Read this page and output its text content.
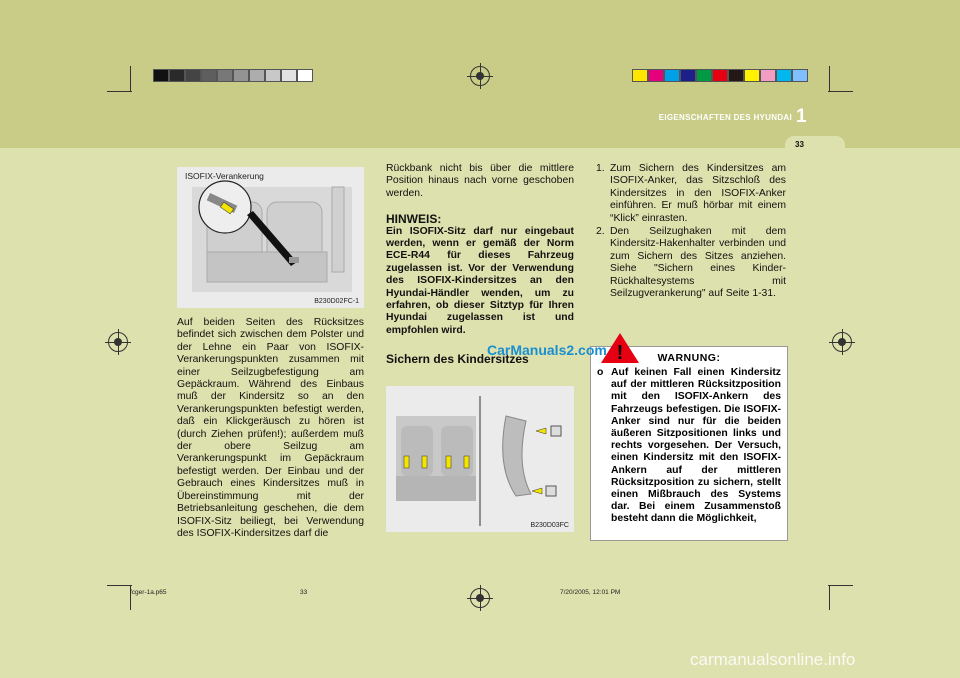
EIGENSCHAFTEN DES HYUNDAI 1
33
ISOFIX-Verankerung
B230D02FC-1
Auf beiden Seiten des Rücksitzes befindet sich zwischen dem Polster und der Lehne ein Paar von ISOFIX-Verankerungspunkten zusammen mit einer Seilzugbefestigung am Gepäckraum. Während des Einbaus muß der Kindersitz so an den Verankerungspunkten befestigt werden, daß ein Klickgeräusch zu hören ist (durch Ziehen prüfen!); außerdem muß der obere Seilzug am Verankerungspunkt im Gepäckraum befestigt werden. Der Einbau und der Gebrauch eines Kindersitzes muß in Übereinstimmung mit der Betriebsanleitung geschehen, die dem ISOFIX-Sitz beiliegt, bei Verwendung des ISOFIX-Kindersitzes darf die
Rückbank nicht bis über die mittlere Position hinaus nach vorne geschoben werden.
HINWEIS:
Ein ISOFIX-Sitz darf nur eingebaut werden, wenn er gemäß der Norm ECE-R44 für dieses Fahrzeug zugelassen ist. Vor der Verwendung des ISOFIX-Kindersitzes an den Hyundai-Händler wenden, um zu erfahren, ob dieser Sitztyp für Ihren Hyundai zugelassen ist und empfohlen wird.
Sichern des Kindersitzes
B230D03FC
1. Zum Sichern des Kindersitzes am ISOFIX-Anker, das Sitzschloß des Kindersitzes in den ISOFIX-Anker einführen. Er muß hörbar mit einem “Klick” einrasten.
2. Den Seilzughaken mit dem Kindersitz-Hakenhalter verbinden und zum Sichern des Sitzes anziehen. Siehe "Sichern eines Kinder-Rückhaltesystems mit Seilzugverankerung" auf Seite 1-31.
WARNUNG:
o Auf keinen Fall einen Kindersitz auf der mittleren Rücksitzposition mit den ISOFIX-Ankern des Fahrzeugs befestigen. Die ISOFIX-Anker sind nur für die beiden äußeren Sitzpositionen links und rechts vorgesehen. Der Versuch, einen Kindersitz mit den ISOFIX-Ankern auf der mittleren Rücksitzposition zu sichern, stellt einen Mißbrauch des Systems dar. Bei einem Zusammenstoß besteht dann die Möglichkeit,
!
CarManuals2.com
carmanualsonline.info
fcger-1a.p65	33	7/20/2005, 12:01 PM
